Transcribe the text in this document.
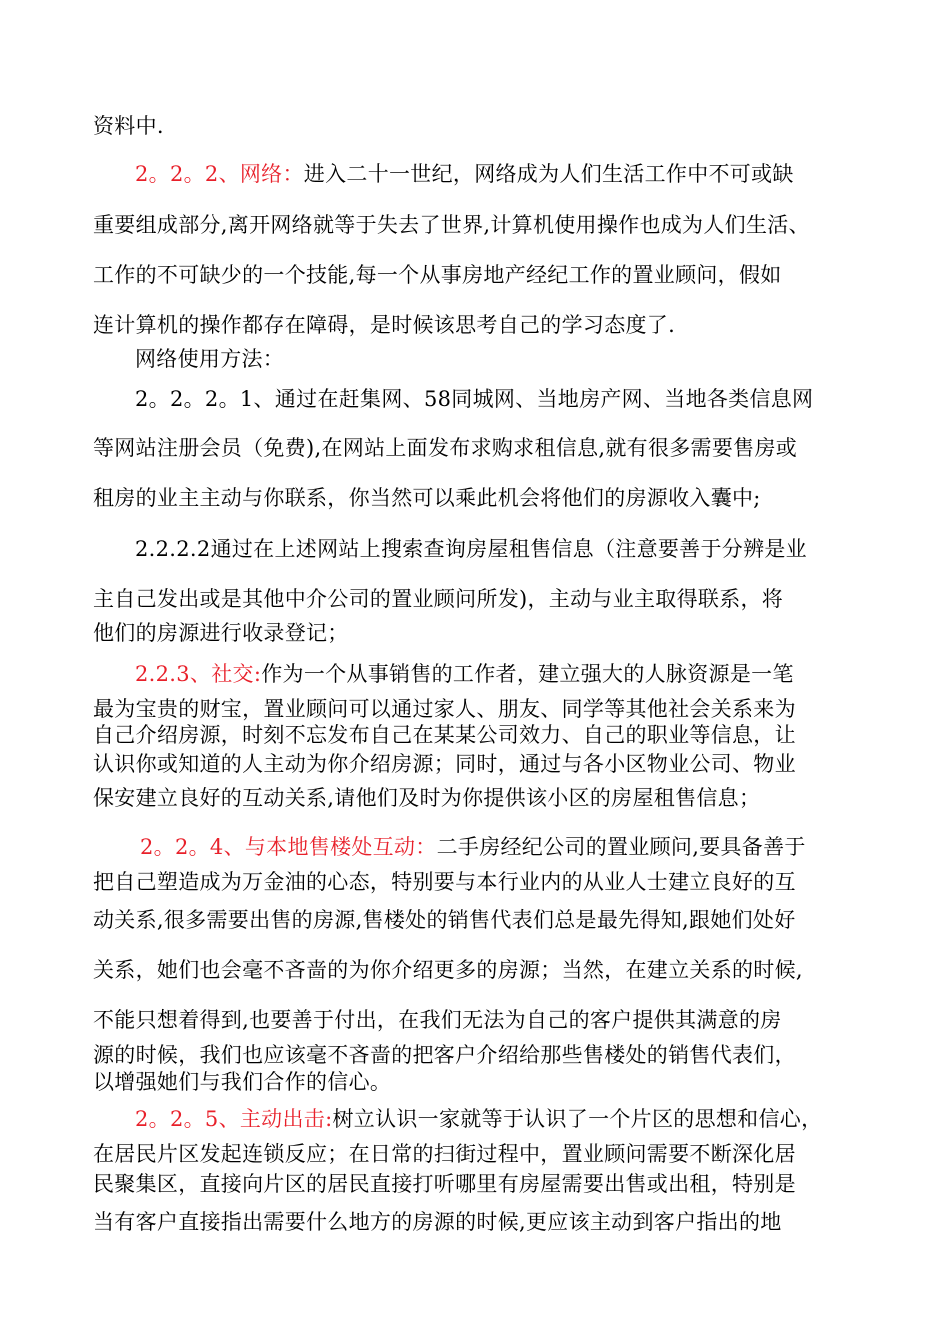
资料中.
2。2。2、网络：进入二十一世纪，网络成为人们生活工作中不可或缺
重要组成部分,离开网络就等于失去了世界,计算机使用操作也成为人们生活、
工作的不可缺少的一个技能,每一个从事房地产经纪工作的置业顾问，假如
连计算机的操作都存在障碍，是时候该思考自己的学习态度了.
网络使用方法：
2。2。2。1、通过在赶集网、58同城网、当地房产网、当地各类信息网
等网站注册会员（免费),在网站上面发布求购求租信息,就有很多需要售房或
租房的业主主动与你联系，你当然可以乘此机会将他们的房源收入囊中;
2.2.2.2通过在上述网站上搜索查询房屋租售信息（注意要善于分辨是业
主自己发出或是其他中介公司的置业顾问所发)，主动与业主取得联系，将
他们的房源进行收录登记；
2.2.3、社交:作为一个从事销售的工作者，建立强大的人脉资源是一笔
最为宝贵的财宝，置业顾问可以通过家人、朋友、同学等其他社会关系来为
自己介绍房源，时刻不忘发布自己在某某公司效力、自己的职业等信息，让
认识你或知道的人主动为你介绍房源；同时，通过与各小区物业公司、物业
保安建立良好的互动关系,请他们及时为你提供该小区的房屋租售信息；
2。2。4、与本地售楼处互动：二手房经纪公司的置业顾问,要具备善于
把自己塑造成为万金油的心态，特别要与本行业内的从业人士建立良好的互
动关系,很多需要出售的房源,售楼处的销售代表们总是最先得知,跟她们处好
关系，她们也会毫不吝啬的为你介绍更多的房源；当然，在建立关系的时候,
不能只想着得到,也要善于付出，在我们无法为自己的客户提供其满意的房
源的时候，我们也应该毫不吝啬的把客户介绍给那些售楼处的销售代表们，
以增强她们与我们合作的信心。
2。2。5、主动出击:树立认识一家就等于认识了一个片区的思想和信心，
在居民片区发起连锁反应；在日常的扫街过程中，置业顾问需要不断深化居
民聚集区，直接向片区的居民直接打听哪里有房屋需要出售或出租，特别是
当有客户直接指出需要什么地方的房源的时候,更应该主动到客户指出的地
